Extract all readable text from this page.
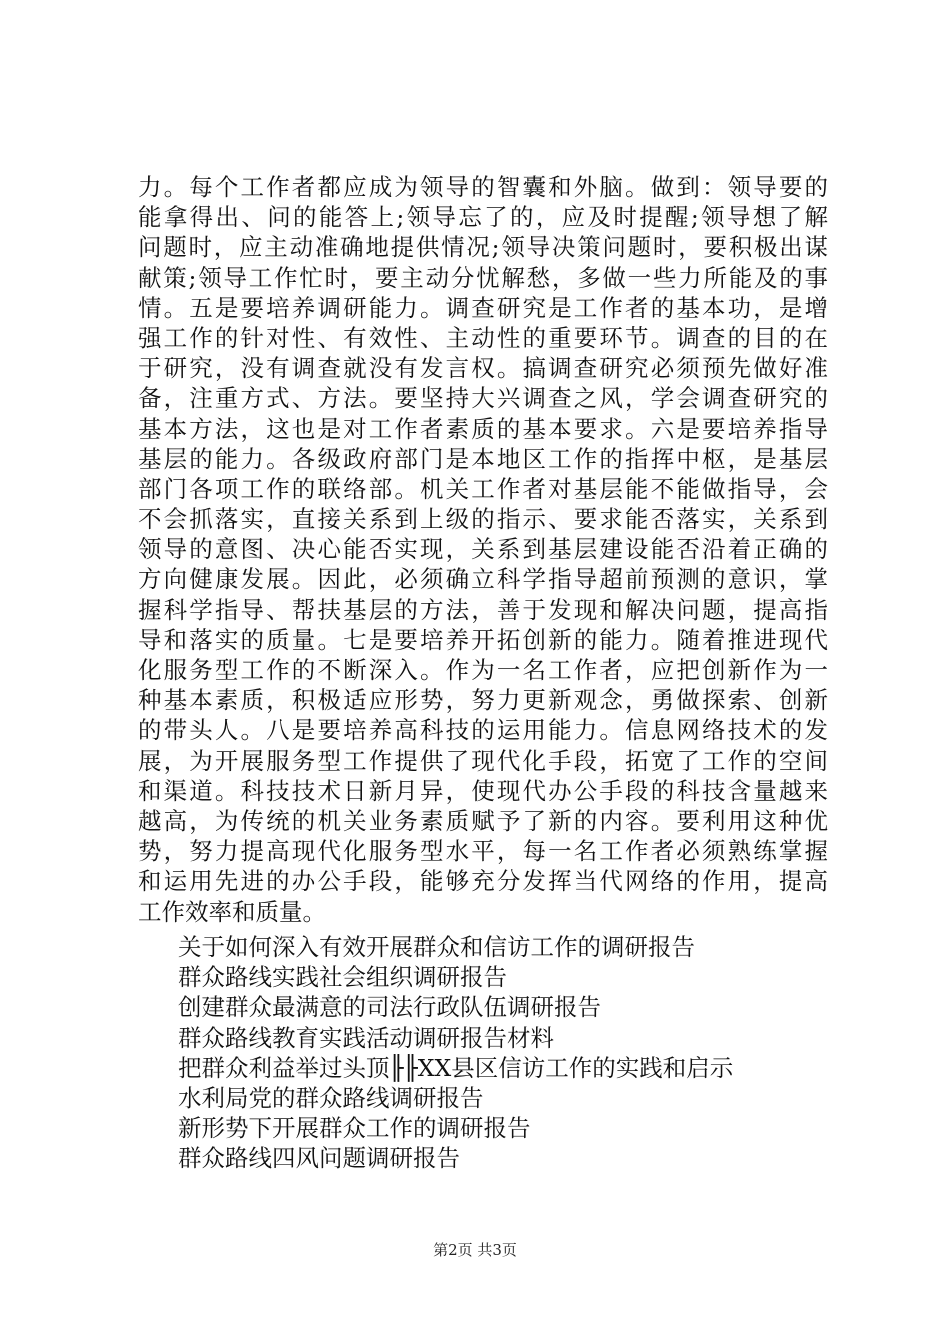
力。每个工作者都应成为领导的智囊和外脑。做到：领导要的
能拿得出、问的能答上;领导忘了的，应及时提醒;领导想了解
问题时，应主动准确地提供情况;领导决策问题时，要积极出谋
献策;领导工作忙时，要主动分忧解愁，多做一些力所能及的事
情。五是要培养调研能力。调查研究是工作者的基本功，是增
强工作的针对性、有效性、主动性的重要环节。调查的目的在
于研究，没有调查就没有发言权。搞调查研究必须预先做好准
备，注重方式、方法。要坚持大兴调查之风，学会调查研究的
基本方法，这也是对工作者素质的基本要求。六是要培养指导
基层的能力。各级政府部门是本地区工作的指挥中枢，是基层
部门各项工作的联络部。机关工作者对基层能不能做指导，会
不会抓落实，直接关系到上级的指示、要求能否落实，关系到
领导的意图、决心能否实现，关系到基层建设能否沿着正确的
方向健康发展。因此，必须确立科学指导超前预测的意识，掌
握科学指导、帮扶基层的方法，善于发现和解决问题，提高指
导和落实的质量。七是要培养开拓创新的能力。随着推进现代
化服务型工作的不断深入。作为一名工作者，应把创新作为一
种基本素质，积极适应形势，努力更新观念，勇做探索、创新
的带头人。八是要培养高科技的运用能力。信息网络技术的发
展，为开展服务型工作提供了现代化手段，拓宽了工作的空间
和渠道。科技技术日新月异，使现代办公手段的科技含量越来
越高，为传统的机关业务素质赋予了新的内容。要利用这种优
势，努力提高现代化服务型水平，每一名工作者必须熟练掌握
和运用先进的办公手段，能够充分发挥当代网络的作用，提高
工作效率和质量。
关于如何深入有效开展群众和信访工作的调研报告
群众路线实践社会组织调研报告
创建群众最满意的司法行政队伍调研报告
群众路线教育实践活动调研报告材料
把群众利益举过头顶╟╟XX县区信访工作的实践和启示
水利局党的群众路线调研报告
新形势下开展群众工作的调研报告
群众路线四风问题调研报告
第2页 共3页
